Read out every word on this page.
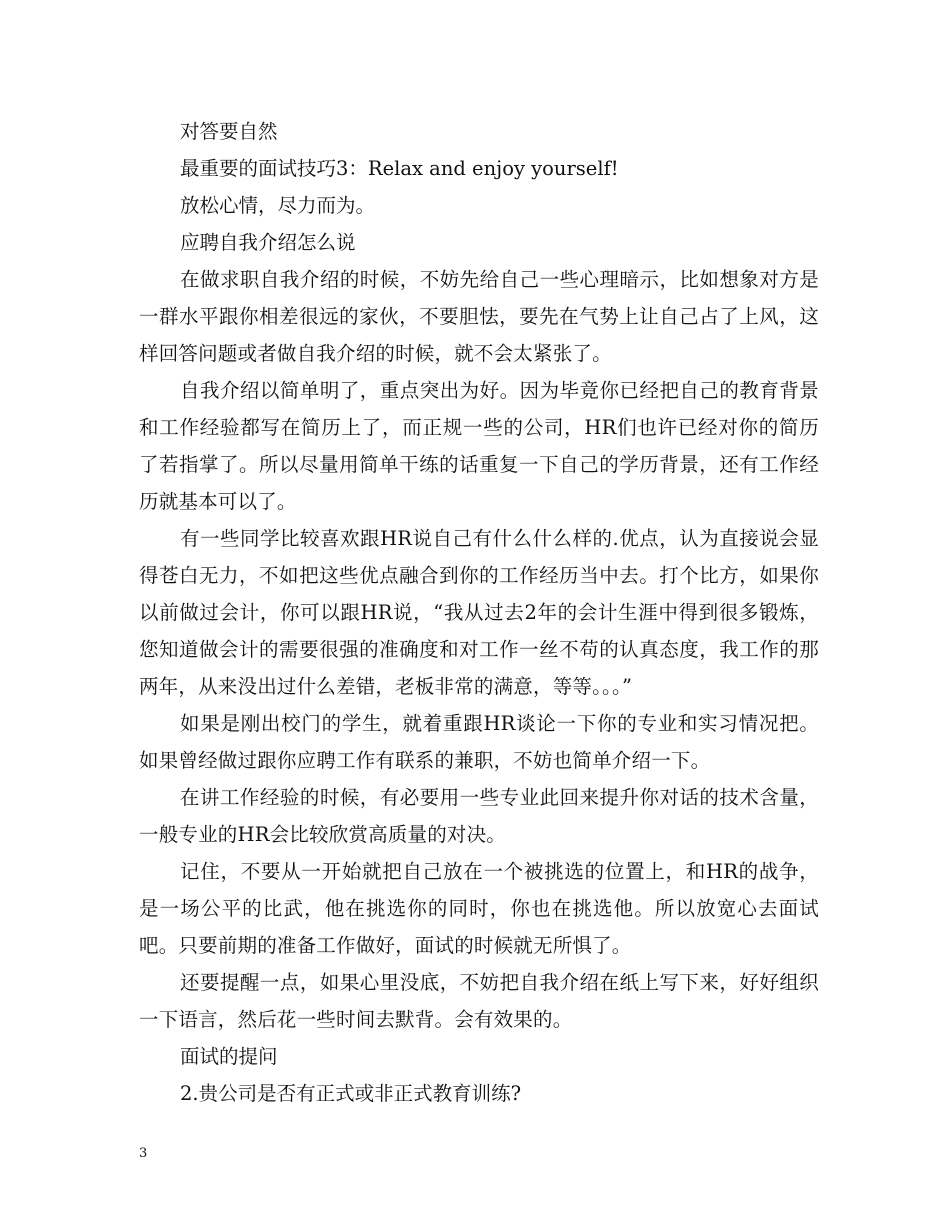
对答要自然

最重要的面试技巧3：Relax and enjoy yourself!

放松心情，尽力而为。

应聘自我介绍怎么说

在做求职自我介绍的时候，不妨先给自己一些心理暗示，比如想象对方是一群水平跟你相差很远的家伙，不要胆怯，要先在气势上让自己占了上风，这样回答问题或者做自我介绍的时候，就不会太紧张了。

自我介绍以简单明了，重点突出为好。因为毕竟你已经把自己的教育背景和工作经验都写在简历上了，而正规一些的公司，HR们也许已经对你的简历了若指掌了。所以尽量用简单干练的话重复一下自己的学历背景，还有工作经历就基本可以了。

有一些同学比较喜欢跟HR说自己有什么什么样的.优点，认为直接说会显得苍白无力，不如把这些优点融合到你的工作经历当中去。打个比方，如果你以前做过会计，你可以跟HR说，“我从过去2年的会计生涯中得到很多锻炼，您知道做会计的需要很强的准确度和对工作一丝不苟的认真态度，我工作的那两年，从来没出过什么差错，老板非常的满意，等等。。。”

如果是刚出校门的学生，就着重跟HR谈论一下你的专业和实习情况把。如果曾经做过跟你应聘工作有联系的兼职，不妨也简单介绍一下。

在讲工作经验的时候，有必要用一些专业此回来提升你对话的技术含量，一般专业的HR会比较欣赏高质量的对决。

记住，不要从一开始就把自己放在一个被挑选的位置上，和HR的战争，是一场公平的比武，他在挑选你的同时，你也在挑选他。所以放宽心去面试吧。只要前期的准备工作做好，面试的时候就无所惧了。

还要提醒一点，如果心里没底，不妨把自我介绍在纸上写下来，好好组织一下语言，然后花一些时间去默背。会有效果的。

面试的提问

2.贵公司是否有正式或非正式教育训练?

3
